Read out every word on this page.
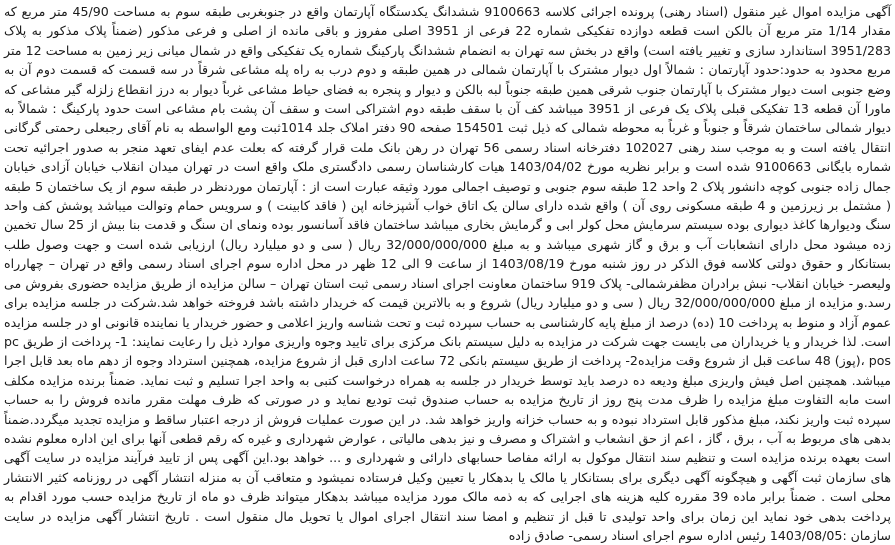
آگهی مزایده اموال غیر منقول (اسناد رهنی) پرونده اجرائی کلاسه 9100663 ششدانگ یکدستگاه آپارتمان واقع در جنوبغربی طبقه سوم به مساحت 45/90 متر مربع که مقدار 1/14 متر مربع آن بالکن است قطعه دوازده تفکیکی شماره 22 فرعی از 3951 اصلی مفروز و باقی مانده از اصلی و فرعی مذکور (ضمناً پلاک مذکور به پلاک 3951/283 استاندارد سازی و تغییر یافته است) واقع در بخش سه تهران به انضمام ششدانگ پارکینگ شماره یک تفکیکی واقع در شمال میانی زیر زمین به مساحت 12 متر مربع محدود به حدود:حدود آپارتمان : شمالاً اول دیوار مشترک با آپارتمان شمالی در همین طبقه و دوم درب به راه پله مشاعی شرقاً در سه قسمت که قسمت دوم آن به وضع جنوبی است دیوار مشترک با آپارتمان جنوب شرقی همین طبقه جنوباً لبه بالکن و دیوار و پنجره به فضای حیاط مشاعی غرباً دیوار به درز انقطاع زلزله گیر مشاعی که ماورا آن قطعه 13 تفکیکی قبلی پلاک یک فرعی از 3951 میباشد کف آن با سقف طبقه دوم اشتراکی است و سقف آن پشت بام مشاعی است حدود پارکینگ : شمالاً به دیوار شمالی ساختمان شرقاً و جنوباً و غرباً به محوطه شمالی که ذیل ثبت 154501 صفحه 90 دفتر املاک جلد 1014ثبت ومع الواسطه به نام آقای رجبعلی رحمتی گرگانی انتقال یافته است و به موجب سند رهنی 102027 دفترخانه اسناد رسمی 56 تهران در رهن بانک ملت قرار گرفته که بعلت عدم ایفای تعهد منجر به صدور اجرائیه تحت شماره بایگانی 9100663 شده است و برابر نظریه مورخ 1403/04/02 هیات کارشناسان رسمی دادگستری ملک واقع است در تهران میدان انقلاب خیابان آزادی خیابان جمال زاده جنوبی کوچه دانشور پلاک 2 واحد 12 طبقه سوم جنوبی و توصیف اجمالی مورد وثیقه عبارت است از : آپارتمان موردنظر در طبقه سوم از یک ساختمان 5 طبقه ( مشتمل بر زیرزمین و 4 طبقه مسکونی روی آن ) واقع شده دارای سالن یک اتاق خواب آشپزخانه اپن ( فاقد کابینت ) و سرویس حمام وتوالت میباشد پوشش کف واحد سنگ ودیوارها کاغذ دیواری بوده سیستم سرمایش محل کولر ابی و گرمایش بخاری میباشد ساختمان فاقد آسانسور بوده ونمای ان سنگ و قدمت بنا بیش از 25 سال تخمین زده میشود محل دارای انشعابات آب و برق و گاز شهری میباشد و به مبلغ 32/000/000/000 ریال ( سی و دو میلیارد ریال) ارزیابی شده است و جهت وصول طلب بستانکار و حقوق دولتی کلاسه فوق الذکر در روز شنبه مورخ 1403/08/19 از ساعت 9 الی 12 ظهر در محل اداره سوم اجرای اسناد رسمی واقع در تهران – چهارراه ولیعصر- خیابان انقلاب- نبش برادران مظفرشمالی- پلاک 919 ساختمان معاونت اجرای اسناد رسمی ثبت استان تهران – سالن مزایده از طریق مزایده حضوری بفروش می رسد.و مزایده از مبلغ 32/000/000/000 ریال ( سی و دو میلیارد ریال) شروع و به بالاترین قیمت که خریدار داشته باشد فروخته خواهد شد.شرکت در جلسه مزایده برای عموم آزاد و منوط به پرداخت 10 (ده) درصد از مبلغ پایه کارشناسی به حساب سپرده ثبت و تحت شناسه واریز اعلامی و حضور خریدار یا نماینده قانونی او در جلسه مزایده است. لذا خریدار و یا خریداران می بایست جهت شرکت در مزایده به دلیل سیستم بانک مرکزی برای تایید وجوه واریزی موارد ذیل را رعایت نمایند: 1- پرداخت از طریق pc pos ،(پوز) 48 ساعت قبل از شروع وقت مزایده2- پرداخت از طریق سیستم بانکی 72 ساعت اداری قبل از شروع مزایده، همچنین استرداد وجوه از دهم ماه بعد قابل اجرا میباشد. همچنین اصل فیش واریزی مبلغ ودیعه ده درصد باید توسط خریدار در جلسه به همراه درخواست کتبی به واحد اجرا تسلیم و ثبت نماید. ضمناً برنده مزایده مکلف است مابه التفاوت مبلغ مزایده را ظرف مدت پنج روز از تاریخ مزایده به حساب صندوق ثبت تودیع نماید و در صورتی که ظرف مهلت مقرر مانده فروش را به حساب سپرده ثبت واریز نکند، مبلغ مذکور قابل استرداد نبوده و به حساب خزانه واریز خواهد شد. در این صورت عملیات فروش از درجه اعتبار ساقط و مزایده تجدید میگردد.ضمناً بدهی های مربوط به آب ، برق ، گاز ، اعم از حق انشعاب و اشتراک و مصرف و نیز بدهی مالیاتی ، عوارض شهرداری و غیره که رقم قطعی آنها برای این اداره معلوم نشده است بعهده برنده مزایده است و تنظیم سند انتقال موکول به ارائه مفاصا حسابهای دارائی و شهرداری و ... خواهد بود.این آگهی پس از تایید فرآیند مزایده در سایت آگهی های سازمان ثبت آگهی و هیچگونه آگهی دیگری برای بستانکار یا مالک یا بدهکار یا تعیین وکیل فرستاده نمیشود و متعاقب آن به منزله انتشار آگهی در روزنامه کثیر الانتشار محلی است . ضمناً برابر ماده 39 مقرره کلیه هزینه های اجرایی که به ذمه مالک مورد مزایده میباشد بدهکار میتواند ظرف دو ماه از تاریخ مزایده حسب مورد اقدام به پرداخت بدهی خود نماید این زمان برای واحد تولیدی تا قبل از تنظیم و امضا سند انتقال اجرای اموال یا تحویل مال منقول است . تاریخ انتشار آگهی مزایده در سایت سازمان :1403/08/05 رئیس اداره سوم اجرای اسناد رسمی- صادق زاده
